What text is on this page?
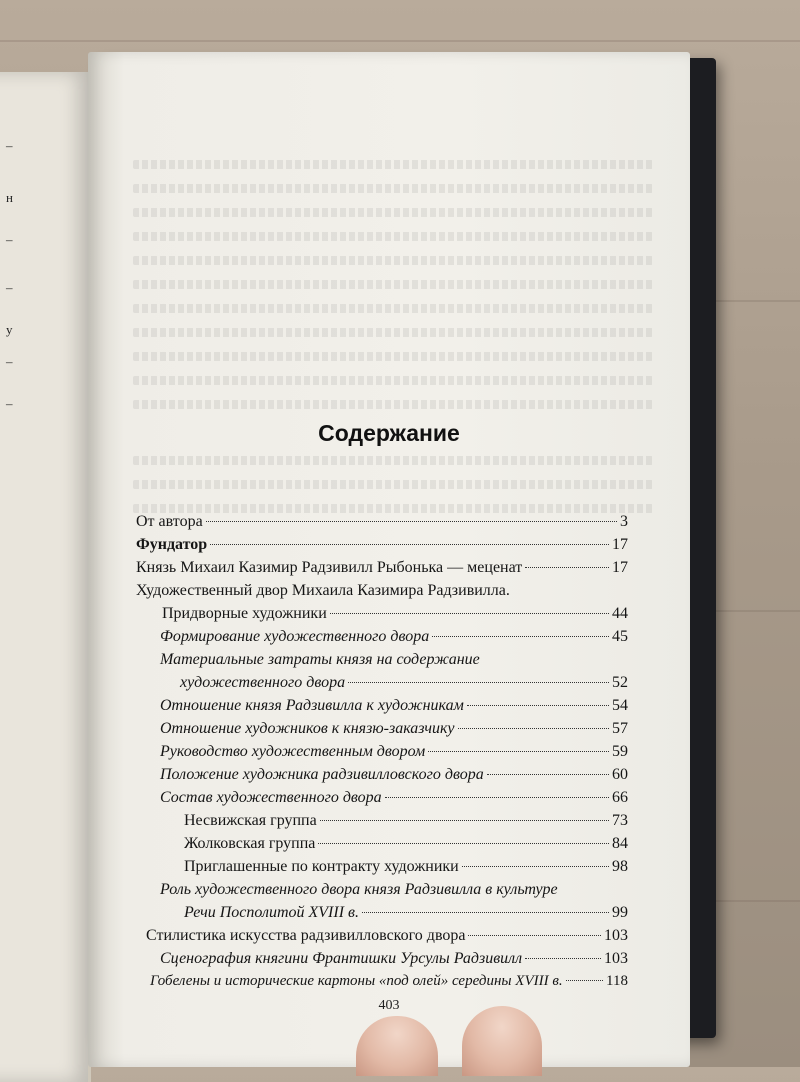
–
н
–
–
у
–
–
Содержание
От автора	3
Фундатор	17
Князь Михаил Казимир Радзивилл Рыбонька — меценат	17
Художественный двор Михаила Казимира Радзивилла.
Придворные художники	44
Формирование художественного двора	45
Материальные затраты князя на содержание
художественного двора	52
Отношение князя Радзивилла к художникам	54
Отношение художников к князю-заказчику	57
Руководство художественным двором	59
Положение художника радзивилловского двора	60
Состав художественного двора	66
Несвижская группа	73
Жолковская группа	84
Приглашенные по контракту художники	98
Роль художественного двора князя Радзивилла в культуре
Речи Посполитой XVIII в.	99
Стилистика искусства радзивилловского двора	103
Сценография княгини Франтишки Урсулы Радзивилл	103
Гобелены и исторические картоны «под олей» середины XVIII в.	118
403
